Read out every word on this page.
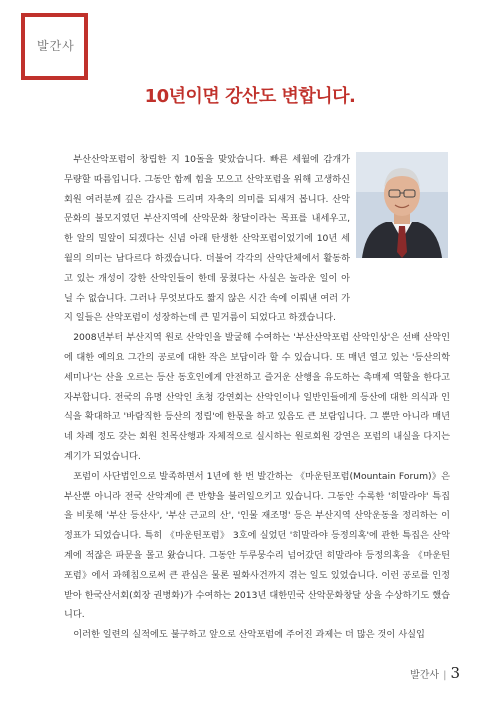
발간사
10년이면 강산도 변합니다.

부산산악포럼이 창립한 지 10돌을 맞았습니다. 빠른 세월에 감개가 무량할 따름입니다. 그동안 함께 힘을 모으고 산악포럼을 위해 고생하신 회원 여러분께 깊은 감사를 드리며 자축의 의미를 되새겨 봅니다. 산악문화의 불모지였던 부산지역에 산악문화 창달이라는 목표를 내세우고, 한 알의 밀알이 되겠다는 신념 아래 탄생한 산악포럼이었기에 10년 세월의 의미는 남다르다 하겠습니다. 더불어 각각의 산악단체에서 활동하고 있는 개성이 강한 산악인들이 한데 뭉쳤다는 사실은 놀라운 일이 아닐 수 없습니다. 그러나 무엇보다도 짧지 않은 시간 속에 이뤄낸 여러 가지 일들은 산악포럼이 성장하는데 큰 밑거름이 되었다고 하겠습니다.

2008년부터 부산지역 원로 산악인을 발굴해 수여하는 '부산산악포럼 산악인상'은 선배 산악인에 대한 예의요 그간의 공로에 대한 작은 보답이라 할 수 있습니다. 또 매년 열고 있는 '등산의학 세미나'는 산을 오르는 등산 동호인에게 안전하고 즐거운 산행을 유도하는 촉매제 역할을 한다고 자부합니다. 전국의 유명 산악인 초청 강연회는 산악인이나 일반인들에게 등산에 대한 의식과 인식을 확대하고 '바람직한 등산의 정립'에 한몫을 하고 있음도 큰 보람입니다. 그 뿐만 아니라 매년 네 차례 정도 갖는 회원 친목산행과 자체적으로 실시하는 원로회원 강연은 포럼의 내실을 다지는 계기가 되었습니다.

포럼이 사단법인으로 발족하면서 1년에 한 번 발간하는 《마운틴포럼(Mountain Forum)》은 부산뿐 아니라 전국 산악계에 큰 반향을 불러일으키고 있습니다. 그동안 수록한 '히말라야' 특집을 비롯해 '부산 등산사', '부산 근교의 산', '인물 재조명' 등은 부산지역 산악운동을 정리하는 이정표가 되었습니다. 특히 《마운틴포럼》 3호에 실었던 '히말라야 등정의혹'에 관한 특집은 산악계에 적잖은 파문을 몰고 왔습니다. 그동안 두루뭉수리 넘어갔던 히말라야 등정의혹을 《마운틴포럼》에서 과헤침으로써 큰 관심은 물론 필화사건까지 겪는 일도 있었습니다. 이런 공로를 인정받아 한국산서회(회장 권병화)가 수여하는 2013년 대한민국 산악문화창달 상을 수상하기도 했습니다.

이러한 일련의 실적에도 불구하고 앞으로 산악포럼에 주어진 과제는 더 많은 것이 사실입

발간사 | 3
